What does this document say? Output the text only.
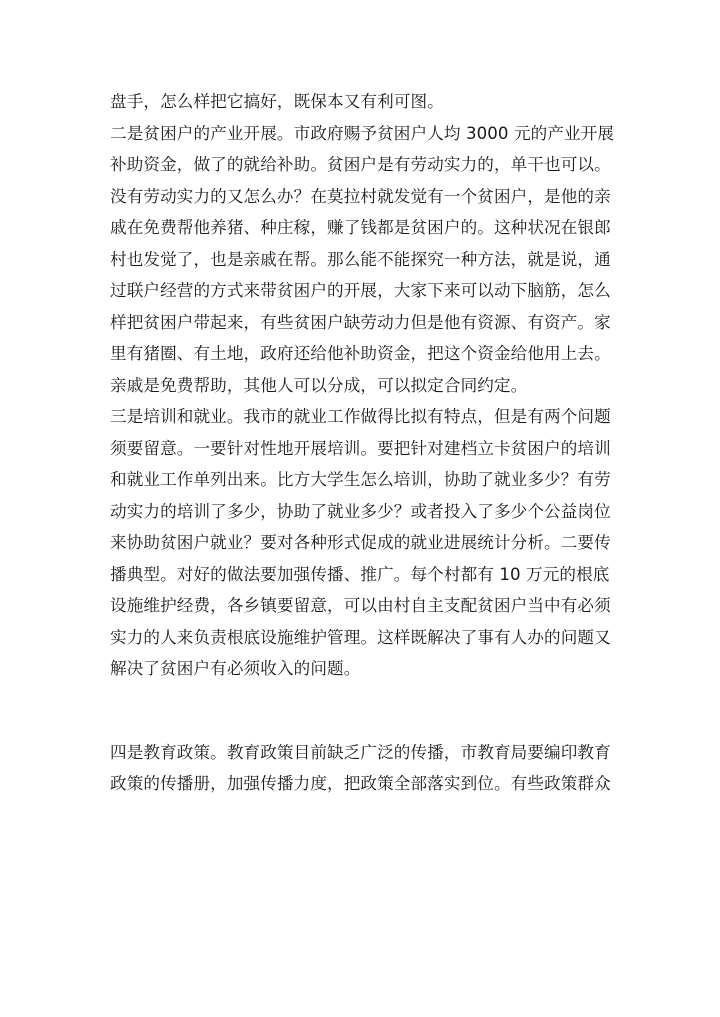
盘手，怎么样把它搞好，既保本又有利可图。
二是贫困户的产业开展。市政府赐予贫困户人均 3000 元的产业开展
补助资金，做了的就给补助。贫困户是有劳动实力的，单干也可以。
没有劳动实力的又怎么办？在莫拉村就发觉有一个贫困户，是他的亲
戚在免费帮他养猪、种庄稼，赚了钱都是贫困户的。这种状况在银郎
村也发觉了，也是亲戚在帮。那么能不能探究一种方法，就是说，通
过联户经营的方式来带贫困户的开展，大家下来可以动下脑筋，怎么
样把贫困户带起来，有些贫困户缺劳动力但是他有资源、有资产。家
里有猪圈、有土地，政府还给他补助资金，把这个资金给他用上去。
亲戚是免费帮助，其他人可以分成，可以拟定合同约定。
三是培训和就业。我市的就业工作做得比拟有特点，但是有两个问题
须要留意。一要针对性地开展培训。要把针对建档立卡贫困户的培训
和就业工作单列出来。比方大学生怎么培训，协助了就业多少？有劳
动实力的培训了多少，协助了就业多少？或者投入了多少个公益岗位
来协助贫困户就业？要对各种形式促成的就业进展统计分析。二要传
播典型。对好的做法要加强传播、推广。每个村都有 10 万元的根底
设施维护经费，各乡镇要留意，可以由村自主支配贫困户当中有必须
实力的人来负责根底设施维护管理。这样既解决了事有人办的问题又
解决了贫困户有必须收入的问题。
四是教育政策。教育政策目前缺乏广泛的传播，市教育局要编印教育
政策的传播册，加强传播力度，把政策全部落实到位。有些政策群众
